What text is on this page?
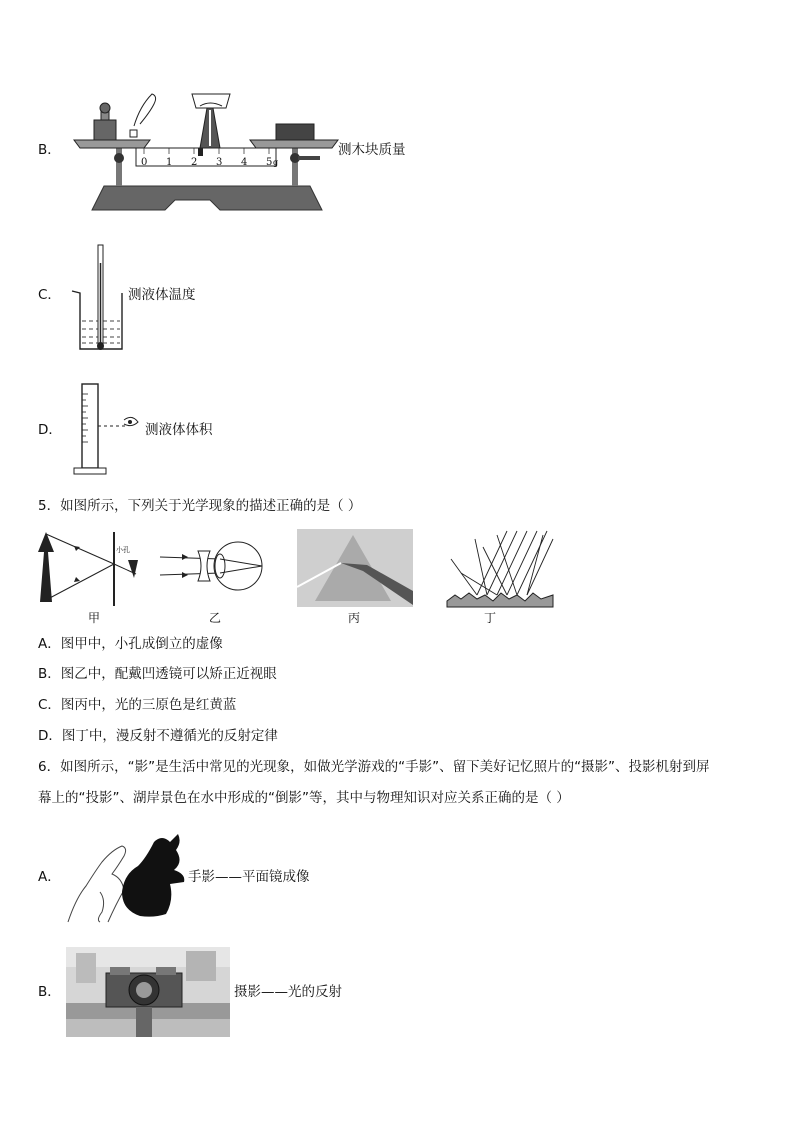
B．
0 1 2 3 4 5 g
测木块质量
C．	测液体温度
D．	测液体体积
5．如图所示，下列关于光学现象的描述正确的是（ ）
小孔
甲	乙	丙	丁
A．图甲中，小孔成倒立的虚像
B．图乙中，配戴凹透镜可以矫正近视眼
C．图丙中，光的三原色是红黄蓝
D．图丁中，漫反射不遵循光的反射定律
6．如图所示，“影”是生活中常见的光现象，如做光学游戏的“手影”、留下美好记忆照片的“摄影”、投影机射到屏
幕上的“投影”、湖岸景色在水中形成的“倒影”等，其中与物理知识对应关系正确的是（ ）
A．	手影——平面镜成像
B．	摄影——光的反射
